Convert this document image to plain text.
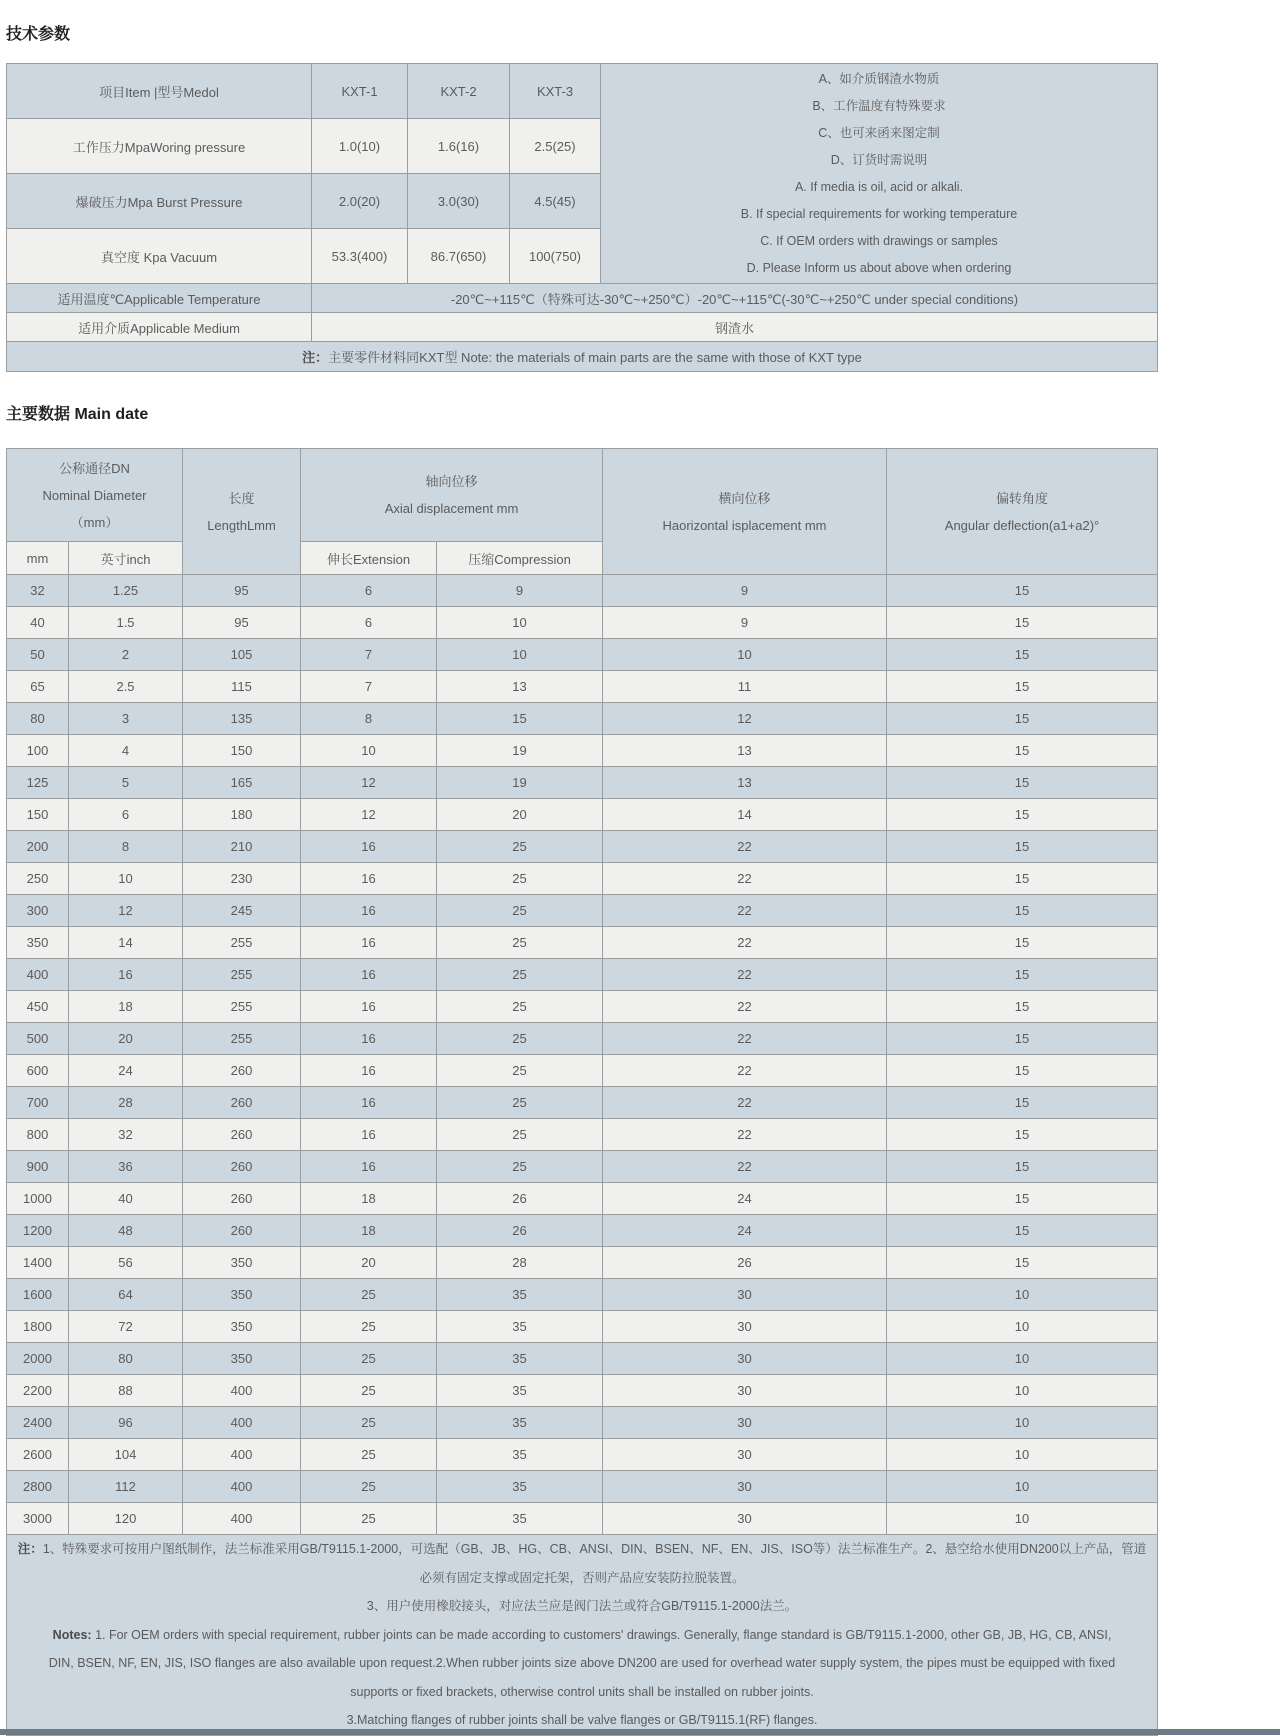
技术参数
项目Item |型号Medol	KXT-1	KXT-2	KXT-3	
A、如介质钢渣水物质
B、工作温度有特殊要求
C、也可来函来图定制
D、订货时需说明
A. If media is oil, acid or alkali.
B. If special requirements for working temperature
C. If OEM orders with drawings or samples
D. Please Inform us about above when ordering

工作压力MpaWoring pressure	1.0(10)	1.6(16)	2.5(25)	
爆破压力Mpa Burst Pressure	2.0(20)	3.0(30)	4.5(45)	
真空度 Kpa Vacuum	53.3(400)	86.7(650)	100(750)	
适用温度℃Applicable Temperature	-20℃~+115℃（特殊可达-30℃~+250℃）-20℃~+115℃(-30℃~+250℃ under special conditions)			
适用介质Applicable Medium	钢渣水			
注：主要零件材料同KXT型 Note: the materials of main parts are the same with those of KXT type				
主要数据 Main date
公称通径DN
Nominal Diameter
（mm）

长度
LengthLmm

轴向位移
Axial displacement mm

横向位移
Haorizontal isplacement mm

偏转角度
Angular deflection(a1+a2)°

mm	英寸inch		伸长Extension	压缩Compression		
32	1.25	95	6	9	9	15
40	1.5	95	6	10	9	15
50	2	105	7	10	10	15
65	2.5	115	7	13	11	15
80	3	135	8	15	12	15
100	4	150	10	19	13	15
125	5	165	12	19	13	15
150	6	180	12	20	14	15
200	8	210	16	25	22	15
250	10	230	16	25	22	15
300	12	245	16	25	22	15
350	14	255	16	25	22	15
400	16	255	16	25	22	15
450	18	255	16	25	22	15
500	20	255	16	25	22	15
600	24	260	16	25	22	15
700	28	260	16	25	22	15
800	32	260	16	25	22	15
900	36	260	16	25	22	15
1000	40	260	18	26	24	15
1200	48	260	18	26	24	15
1400	56	350	20	28	26	15
1600	64	350	25	35	30	10
1800	72	350	25	35	30	10
2000	80	350	25	35	30	10
2200	88	400	25	35	30	10
2400	96	400	25	35	30	10
2600	104	400	25	35	30	10
2800	112	400	25	35	30	10
3000	120	400	25	35	30	10

注：1、特殊要求可按用户图纸制作，法兰标准采用GB/T9115.1-2000，可选配（GB、JB、HG、CB、ANSI、DIN、BSEN、NF、EN、JIS、ISO等）法兰标准生产。2、悬空给水使用DN200以上产品，管道
必须有固定支撑或固定托架，否则产品应安装防拉脱装置。
3、用户使用橡胶接头，对应法兰应是阀门法兰或符合GB/T9115.1-2000法兰。
Notes: 1. For OEM orders with special requirement, rubber joints can be made according to customers' drawings. Generally, flange standard is GB/T9115.1-2000, other GB, JB, HG, CB, ANSI,
DIN, BSEN, NF, EN, JIS, ISO flanges are also available upon request.2.When rubber joints size above DN200 are used for overhead water supply system, the pipes must be equipped with fixed
supports or fixed brackets, otherwise control units shall be installed on rubber joints.
3.Matching flanges of rubber joints shall be valve flanges or GB/T9115.1(RF) flanges.
